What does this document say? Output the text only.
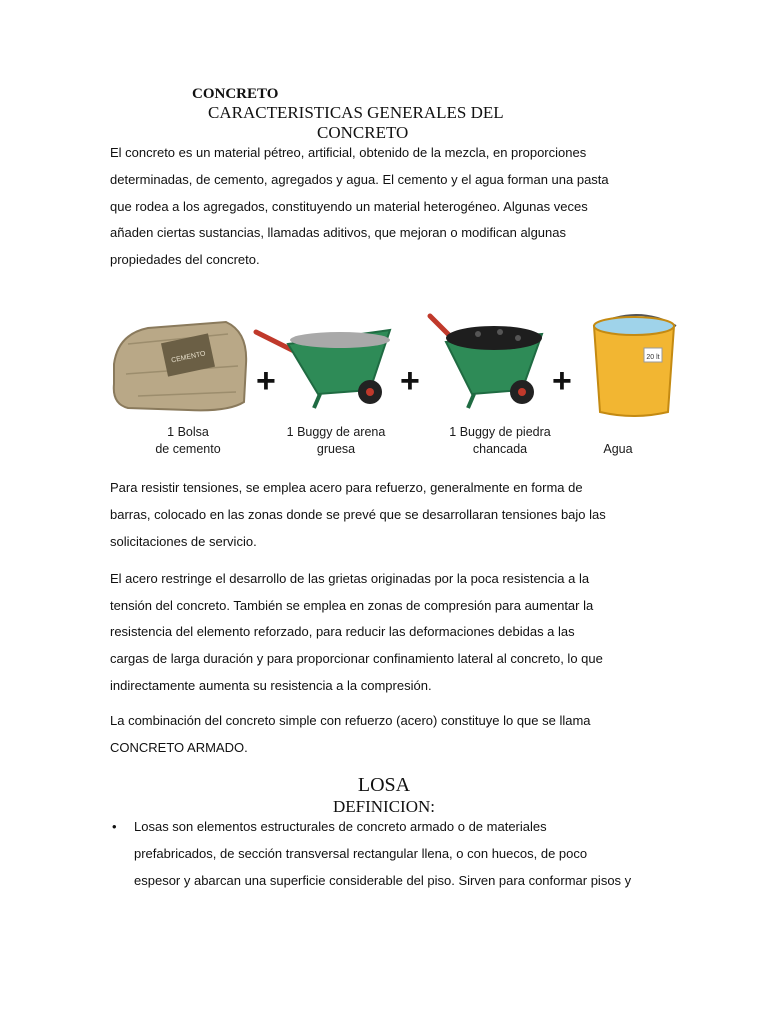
CONCRETO
CARACTERISTICAS GENERALES DEL
CONCRETO
El concreto es un material pétreo, artificial, obtenido de la mezcla, en proporciones
determinadas, de cemento, agregados y agua. El cemento y el agua forman una pasta
que rodea a los agregados, constituyendo un material heterogéneo. Algunas veces
añaden ciertas sustancias, llamadas aditivos, que mejoran o modifican algunas
propiedades del concreto.
CEMENTO
+	+	+
20 lt
1 Bolsa
de cemento
1 Buggy de arena
gruesa
1 Buggy de piedra
chancada	Agua
Para resistir tensiones, se emplea acero para refuerzo, generalmente en forma de
barras, colocado en las zonas donde se prevé que se desarrollaran tensiones bajo las
solicitaciones de servicio.
El acero restringe el desarrollo de las grietas originadas por la poca resistencia a la
tensión del concreto. También se emplea en zonas de compresión para aumentar la
resistencia del elemento reforzado, para reducir las deformaciones debidas a las
cargas de larga duración y para proporcionar confinamiento lateral al concreto, lo que
indirectamente aumenta su resistencia a la compresión.
La combinación del concreto simple con refuerzo (acero) constituye lo que se llama
CONCRETO ARMADO.
LOSA
DEFINICION:
• Losas son elementos estructurales de concreto armado o de materiales
prefabricados, de sección transversal rectangular llena, o con huecos, de poco
espesor y abarcan una superficie considerable del piso. Sirven para conformar pisos y
